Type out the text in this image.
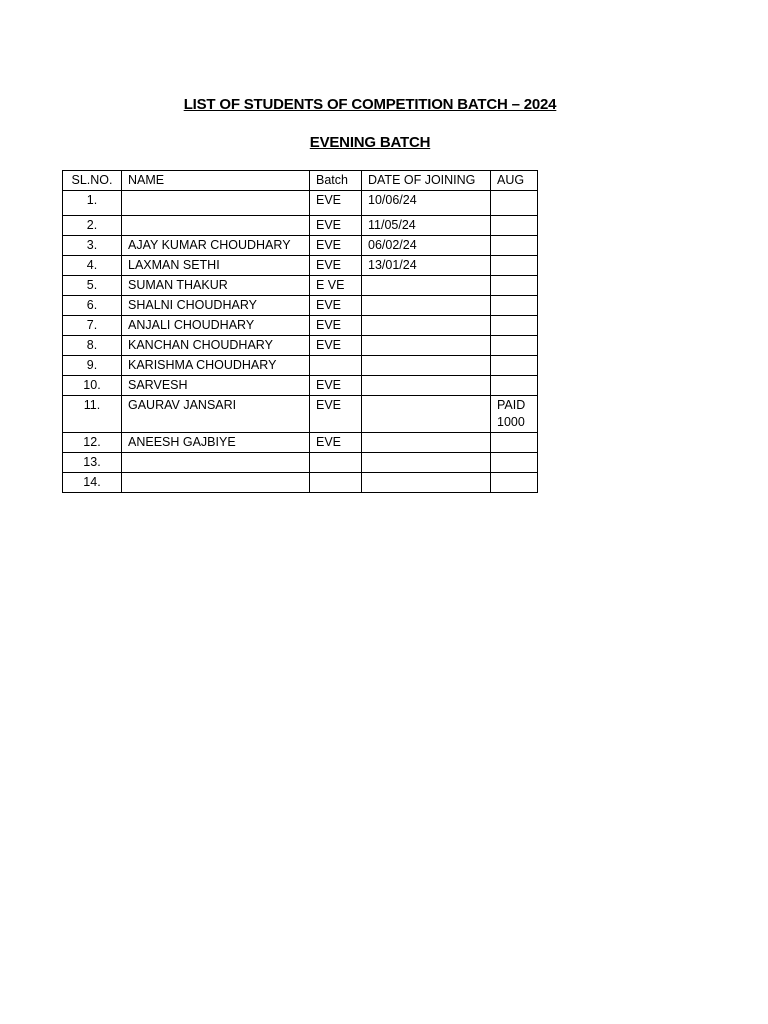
LIST OF STUDENTS OF COMPETITION BATCH – 2024
EVENING BATCH
SL.NO.	NAME	Batch	DATE OF JOINING	AUG
1.		EVE	10/06/24	
2.		EVE	11/05/24	
3.	AJAY KUMAR CHOUDHARY	EVE	06/02/24	
4.	LAXMAN SETHI	EVE	13/01/24	
5.	SUMAN THAKUR	E VE		
6.	SHALNI CHOUDHARY	EVE		
7.	ANJALI CHOUDHARY	EVE		
8.	KANCHAN CHOUDHARY	EVE		
9.	KARISHMA CHOUDHARY			
10.	SARVESH	EVE		
11.	GAURAV JANSARI	EVE		PAID 1000
12.	ANEESH GAJBIYE	EVE		
13.				
14.				
